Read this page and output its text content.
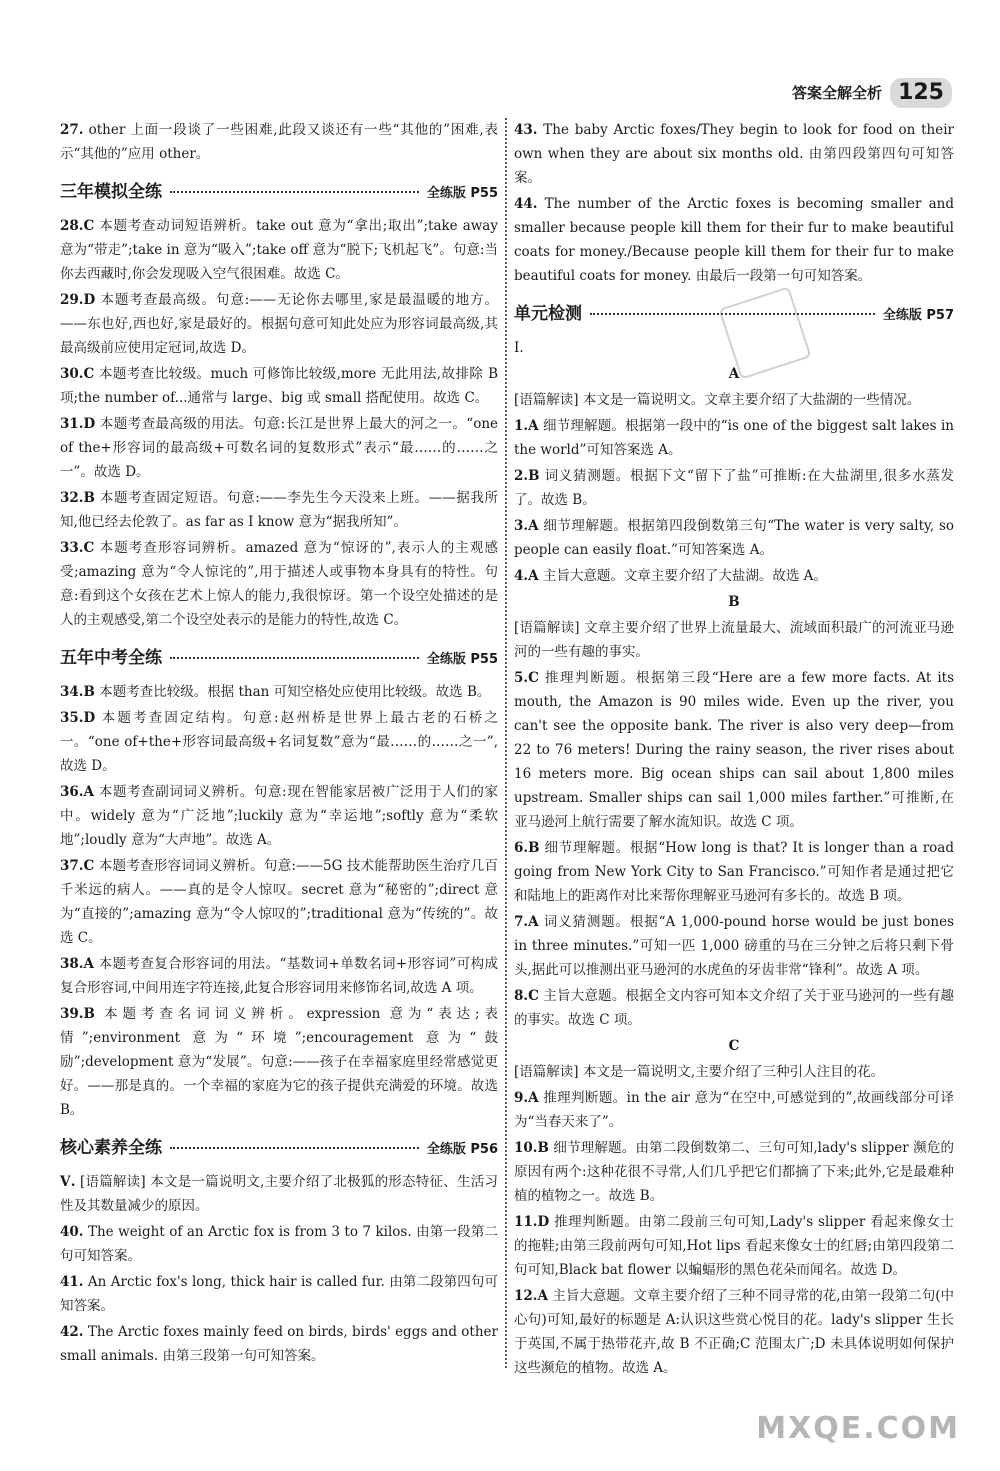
答案全解全析 125
27. other 上面一段谈了一些困难,此段又谈还有一些“其他的”困难,表示“其他的”应用 other。
三年模拟全练	全练版 P55
28.C 本题考查动词短语辨析。take out 意为“拿出;取出”;take away 意为“带走”;take in 意为“吸入”;take off 意为“脱下;飞机起飞”。句意:当你去西藏时,你会发现吸入空气很困难。故选 C。
29.D 本题考查最高级。句意:——无论你去哪里,家是最温暖的地方。——东也好,西也好,家是最好的。根据句意可知此处应为形容词最高级,其最高级前应使用定冠词,故选 D。
30.C 本题考查比较级。much 可修饰比较级,more 无此用法,故排除 B 项;the number of...通常与 large、big 或 small 搭配使用。故选 C。
31.D 本题考查最高级的用法。句意:长江是世界上最大的河之一。“one of the+形容词的最高级+可数名词的复数形式”表示“最……的……之一”。故选 D。
32.B 本题考查固定短语。句意:——李先生今天没来上班。——据我所知,他已经去伦敦了。as far as I know 意为“据我所知”。
33.C 本题考查形容词辨析。amazed 意为“惊讶的”,表示人的主观感受;amazing 意为“令人惊诧的”,用于描述人或事物本身具有的特性。句意:看到这个女孩在艺术上惊人的能力,我很惊讶。第一个设空处描述的是人的主观感受,第二个设空处表示的是能力的特性,故选 C。
五年中考全练	全练版 P55
34.B 本题考查比较级。根据 than 可知空格处应使用比较级。故选 B。
35.D 本题考查固定结构。句意:赵州桥是世界上最古老的石桥之一。“one of+the+形容词最高级+名词复数”意为“最……的……之一”,故选 D。
36.A 本题考查副词词义辨析。句意:现在智能家居被广泛用于人们的家中。widely 意为“广泛地”;luckily 意为“幸运地”;softly 意为“柔软地”;loudly 意为“大声地”。故选 A。
37.C 本题考查形容词词义辨析。句意:——5G 技术能帮助医生治疗几百千米远的病人。——真的是令人惊叹。secret 意为“秘密的”;direct 意为“直接的”;amazing 意为“令人惊叹的”;traditional 意为“传统的”。故选 C。
38.A 本题考查复合形容词的用法。“基数词+单数名词+形容词”可构成复合形容词,中间用连字符连接,此复合形容词用来修饰名词,故选 A 项。
39.B 本题考查名词词义辨析。expression 意为“表达;表情”;environment 意为“环境”;encouragement 意为“鼓励”;development 意为“发展”。句意:——孩子在幸福家庭里经常感觉更好。——那是真的。一个幸福的家庭为它的孩子提供充满爱的环境。故选 B。
核心素养全练	全练版 P56
Ⅴ. [语篇解读] 本文是一篇说明文,主要介绍了北极狐的形态特征、生活习性及其数量减少的原因。
40. The weight of an Arctic fox is from 3 to 7 kilos. 由第一段第二句可知答案。
41. An Arctic fox's long, thick hair is called fur. 由第二段第四句可知答案。
42. The Arctic foxes mainly feed on birds, birds' eggs and other small animals. 由第三段第一句可知答案。
43. The baby Arctic foxes/They begin to look for food on their own when they are about six months old. 由第四段第四句可知答案。
44. The number of the Arctic foxes is becoming smaller and smaller because people kill them for their fur to make beautiful coats for money./Because people kill them for their fur to make beautiful coats for money. 由最后一段第一句可知答案。
单元检测	全练版 P57
Ⅰ.
A
[语篇解读] 本文是一篇说明文。文章主要介绍了大盐湖的一些情况。
1.A 细节理解题。根据第一段中的“is one of the biggest salt lakes in the world”可知答案选 A。
2.B 词义猜测题。根据下文“留下了盐”可推断:在大盐湖里,很多水蒸发了。故选 B。
3.A 细节理解题。根据第四段倒数第三句“The water is very salty, so people can easily float.”可知答案选 A。
4.A 主旨大意题。文章主要介绍了大盐湖。故选 A。
B
[语篇解读] 文章主要介绍了世界上流量最大、流域面积最广的河流亚马逊河的一些有趣的事实。
5.C 推理判断题。根据第三段“Here are a few more facts. At its mouth, the Amazon is 90 miles wide. Even up the river, you can't see the opposite bank. The river is also very deep—from 22 to 76 meters! During the rainy season, the river rises about 16 meters more. Big ocean ships can sail about 1,800 miles upstream. Smaller ships can sail 1,000 miles farther.”可推断,在亚马逊河上航行需要了解水流知识。故选 C 项。
6.B 细节理解题。根据“How long is that? It is longer than a road going from New York City to San Francisco.”可知作者是通过把它和陆地上的距离作对比来帮你理解亚马逊河有多长的。故选 B 项。
7.A 词义猜测题。根据“A 1,000-pound horse would be just bones in three minutes.”可知一匹 1,000 磅重的马在三分钟之后将只剩下骨头,据此可以推测出亚马逊河的水虎鱼的牙齿非常“锋利”。故选 A 项。
8.C 主旨大意题。根据全文内容可知本文介绍了关于亚马逊河的一些有趣的事实。故选 C 项。
C
[语篇解读] 本文是一篇说明文,主要介绍了三种引人注目的花。
9.A 推理判断题。in the air 意为“在空中,可感觉到的”,故画线部分可译为“当春天来了”。
10.B 细节理解题。由第二段倒数第二、三句可知,lady's slipper 濒危的原因有两个:这种花很不寻常,人们几乎把它们都摘了下来;此外,它是最难种植的植物之一。故选 B。
11.D 推理判断题。由第二段前三句可知,Lady's slipper 看起来像女士的拖鞋;由第三段前两句可知,Hot lips 看起来像女士的红唇;由第四段第二句可知,Black bat flower 以蝙蝠形的黑色花朵而闻名。故选 D。
12.A 主旨大意题。文章主要介绍了三种不同寻常的花,由第一段第二句(中心句)可知,最好的标题是 A:认识这些赏心悦目的花。lady's slipper 生长于英国,不属于热带花卉,故 B 不正确;C 范围太广;D 未具体说明如何保护这些濒危的植物。故选 A。
MXQE.COM
